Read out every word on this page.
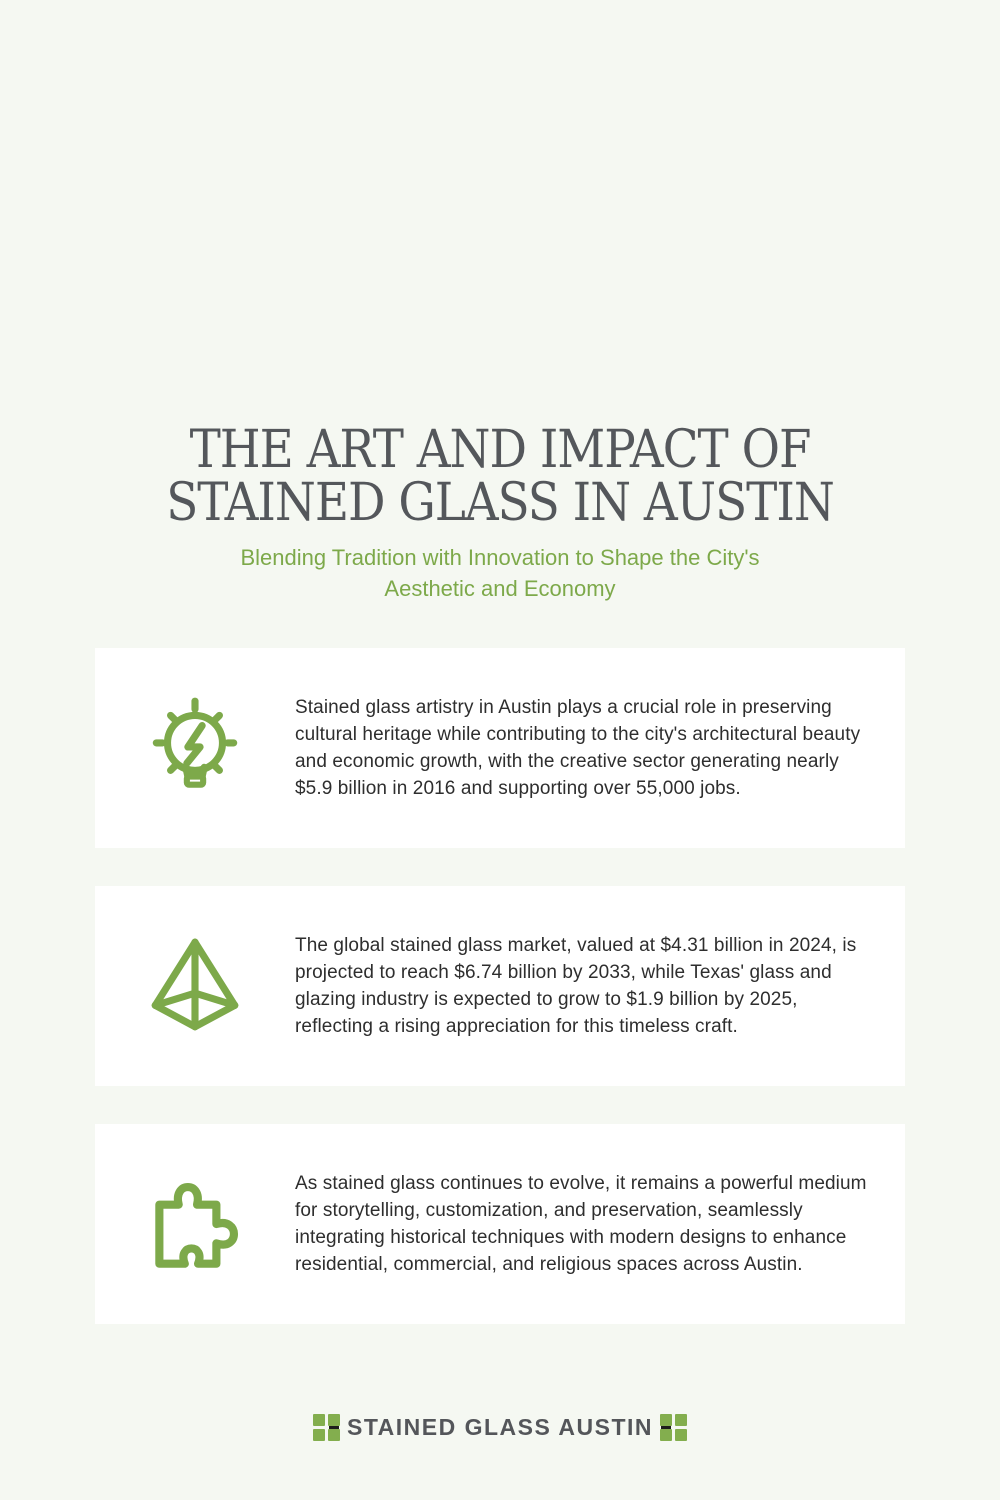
THE ART AND IMPACT OF
STAINED GLASS IN AUSTIN
Blending Tradition with Innovation to Shape the City's Aesthetic and Economy
Stained glass artistry in Austin plays a crucial role in preserving cultural heritage while contributing to the city's architectural beauty and economic growth, with the creative sector generating nearly $5.9 billion in 2016 and supporting over 55,000 jobs.
The global stained glass market, valued at $4.31 billion in 2024, is projected to reach $6.74 billion by 2033, while Texas' glass and glazing industry is expected to grow to $1.9 billion by 2025, reflecting a rising appreciation for this timeless craft.
As stained glass continues to evolve, it remains a powerful medium for storytelling, customization, and preservation, seamlessly integrating historical techniques with modern designs to enhance residential, commercial, and religious spaces across Austin.
STAINED GLASS AUSTIN
